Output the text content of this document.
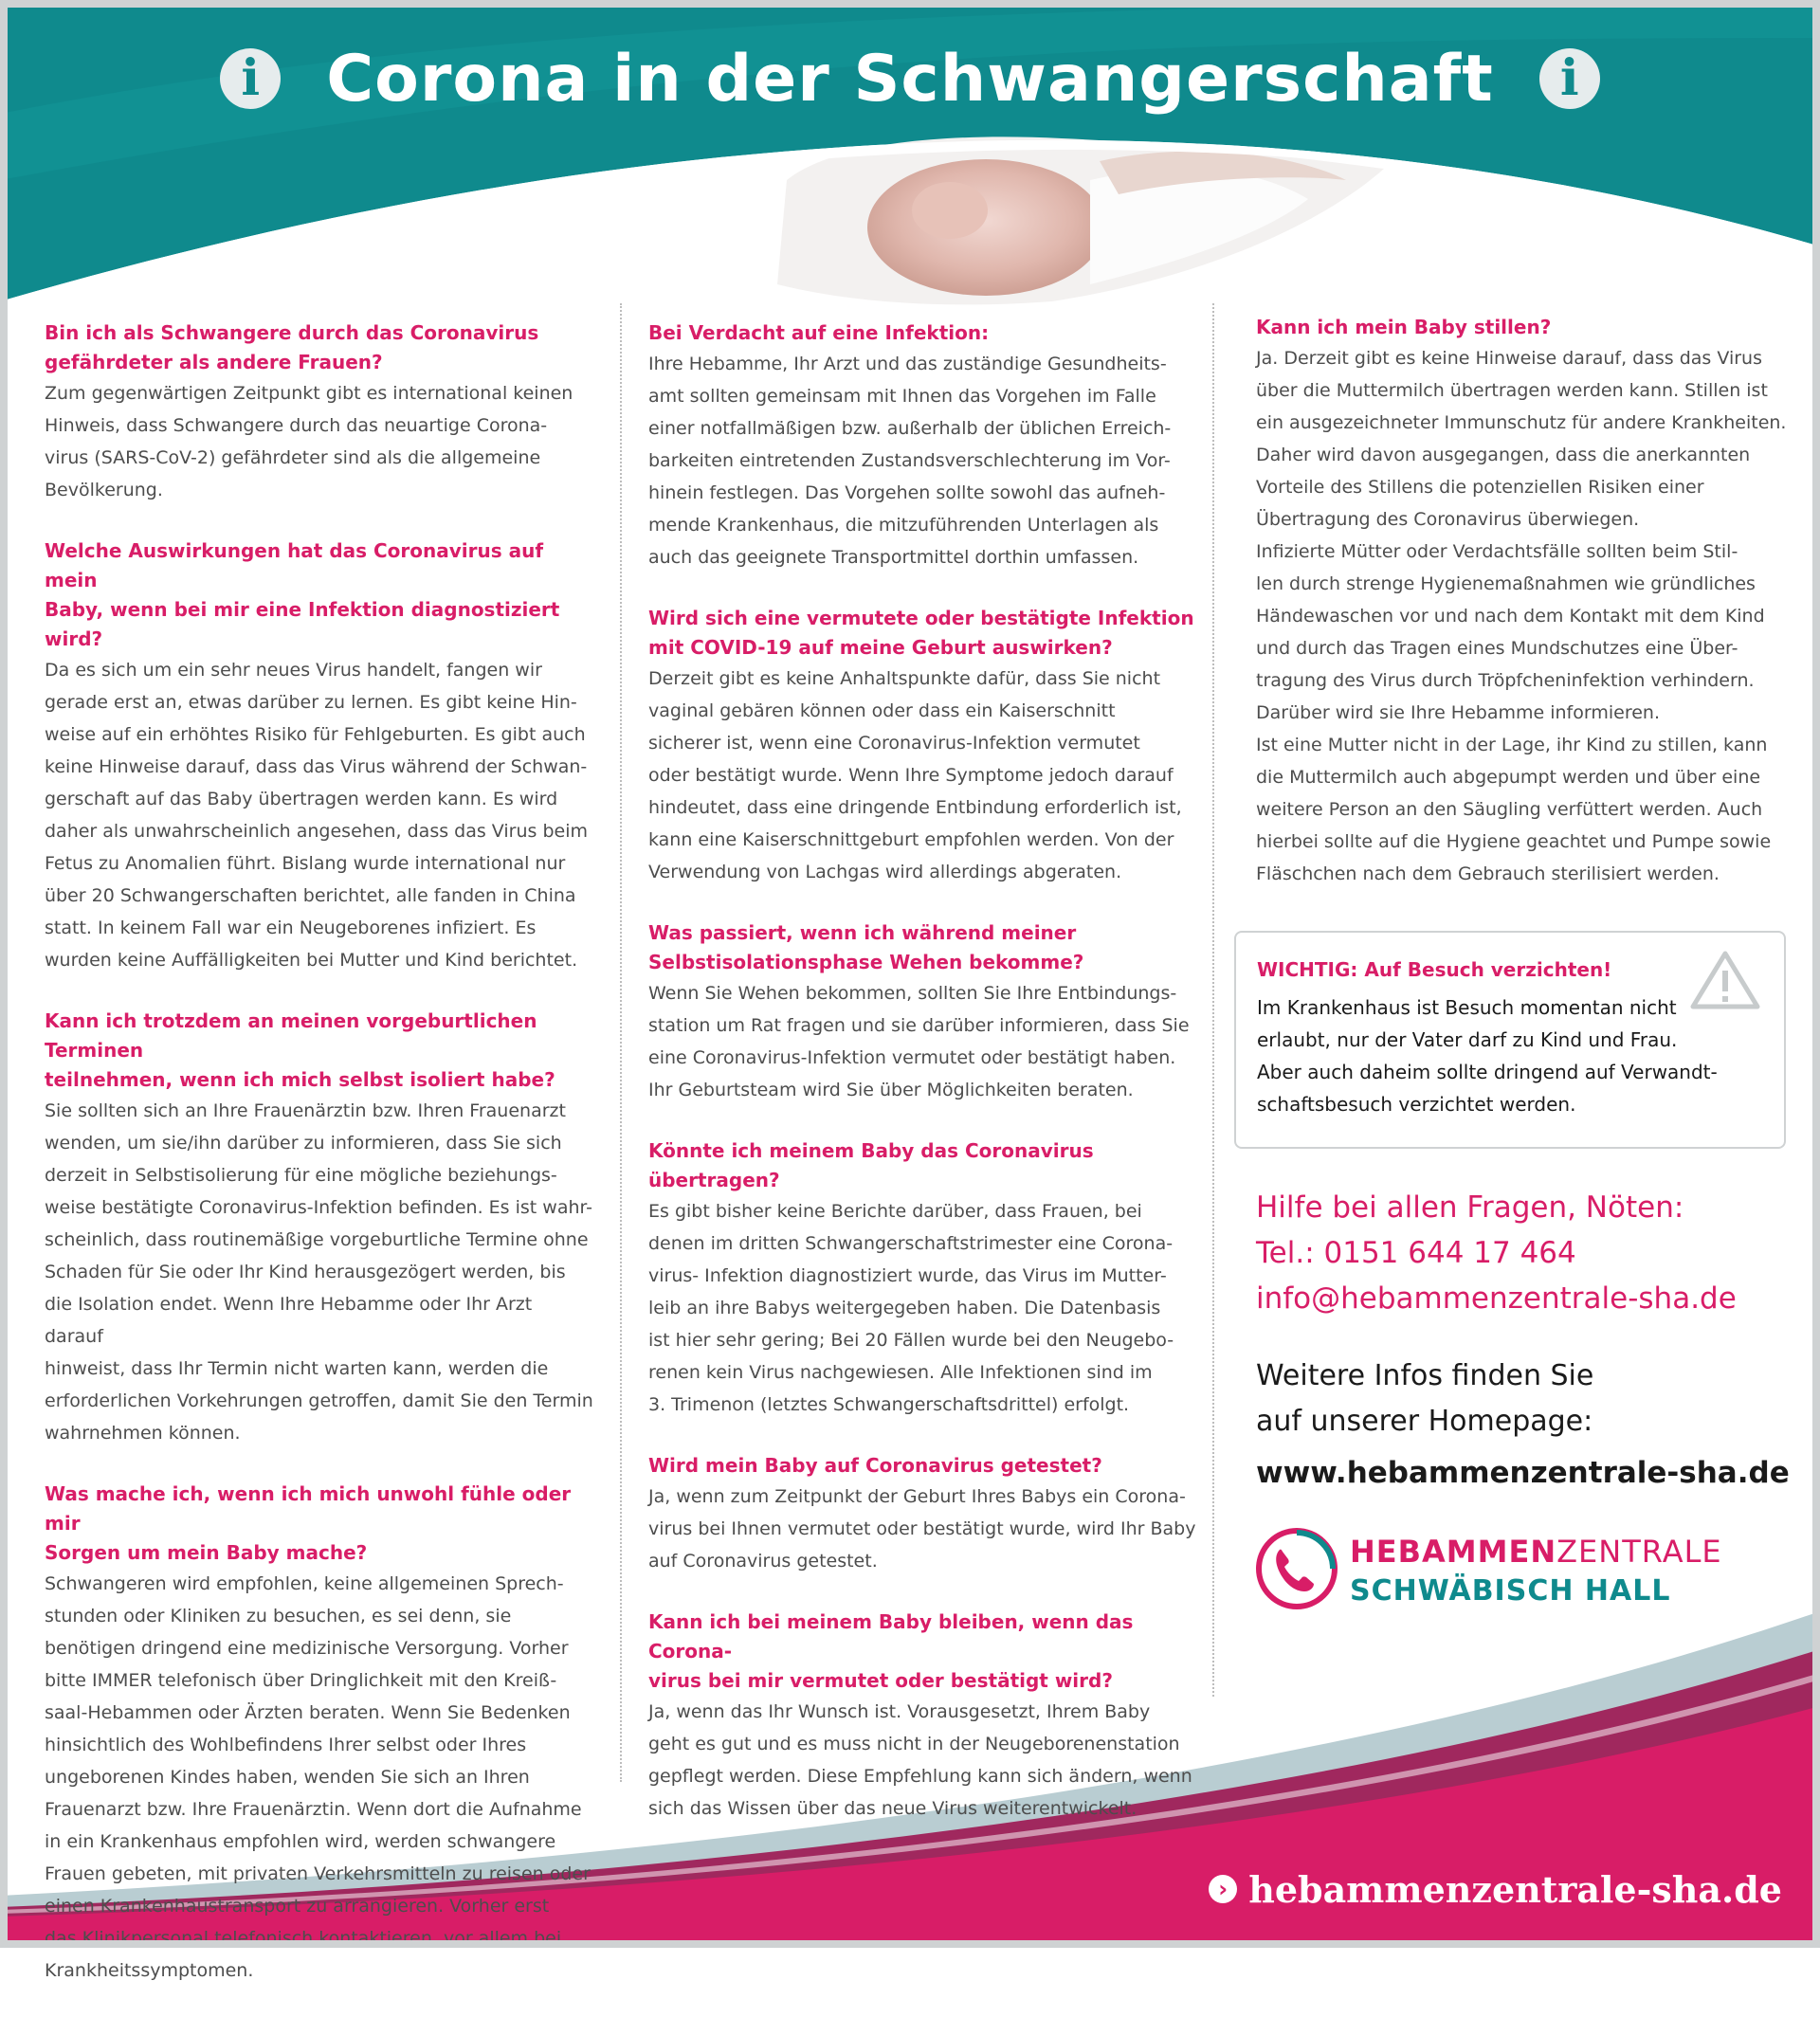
i	Corona in der Schwangerschaft	i

Bin ich als Schwangere durch das Coronavirus
gefährdeter als andere Frauen?

Zum gegenwärtigen Zeitpunkt gibt es international keinen
Hinweis, dass Schwangere durch das neuartige Corona-
virus (SARS-CoV-2) gefährdeter sind als die allgemeine
Bevölkerung.

Welche Auswirkungen hat das Coronavirus auf mein
Baby, wenn bei mir eine Infektion diagnostiziert wird?

Da es sich um ein sehr neues Virus handelt, fangen wir
gerade erst an, etwas darüber zu lernen. Es gibt keine Hin-
weise auf ein erhöhtes Risiko für Fehlgeburten. Es gibt auch
keine Hinweise darauf, dass das Virus während der Schwan-
gerschaft auf das Baby übertragen werden kann. Es wird
daher als unwahrscheinlich angesehen, dass das Virus beim
Fetus zu Anomalien führt. Bislang wurde international nur
über 20 Schwangerschaften berichtet, alle fanden in China
statt. In keinem Fall war ein Neugeborenes infiziert. Es
wurden keine Auffälligkeiten bei Mutter und Kind berichtet.

Kann ich trotzdem an meinen vorgeburtlichen Terminen
teilnehmen, wenn ich mich selbst isoliert habe?

Sie sollten sich an Ihre Frauenärztin bzw. Ihren Frauenarzt
wenden, um sie/ihn darüber zu informieren, dass Sie sich
derzeit in Selbstisolierung für eine mögliche beziehungs-
weise bestätigte Coronavirus-Infektion befinden. Es ist wahr-
scheinlich, dass routinemäßige vorgeburtliche Termine ohne
Schaden für Sie oder Ihr Kind herausgezögert werden, bis
die Isolation endet. Wenn Ihre Hebamme oder Ihr Arzt darauf
hinweist, dass Ihr Termin nicht warten kann, werden die
erforderlichen Vorkehrungen getroffen, damit Sie den Termin
wahrnehmen können.

Was mache ich, wenn ich mich unwohl fühle oder mir
Sorgen um mein Baby mache?

Schwangeren wird empfohlen, keine allgemeinen Sprech-
stunden oder Kliniken zu besuchen, es sei denn, sie
benötigen dringend eine medizinische Versorgung. Vorher
bitte IMMER telefonisch über Dringlichkeit mit den Kreiß-
saal-Hebammen oder Ärzten beraten. Wenn Sie Bedenken
hinsichtlich des Wohlbefindens Ihrer selbst oder Ihres
ungeborenen Kindes haben, wenden Sie sich an Ihren
Frauenarzt bzw. Ihre Frauenärztin. Wenn dort die Aufnahme
in ein Krankenhaus empfohlen wird, werden schwangere
Frauen gebeten, mit privaten Verkehrsmitteln zu reisen oder
einen Krankenhaustransport zu arrangieren. Vorher erst
das Klinikpersonal telefonisch kontaktieren, vor allem bei
Krankheitssymptomen.

Bei Verdacht auf eine Infektion:

Ihre Hebamme, Ihr Arzt und das zuständige Gesundheits-
amt sollten gemeinsam mit Ihnen das Vorgehen im Falle
einer notfallmäßigen bzw. außerhalb der üblichen Erreich-
barkeiten eintretenden Zustandsverschlechterung im Vor-
hinein festlegen. Das Vorgehen sollte sowohl das aufneh-
mende Krankenhaus, die mitzuführenden Unterlagen als
auch das geeignete Transportmittel dorthin umfassen.

Wird sich eine vermutete oder bestätigte Infektion
mit COVID-19 auf meine Geburt auswirken?

Derzeit gibt es keine Anhaltspunkte dafür, dass Sie nicht
vaginal gebären können oder dass ein Kaiserschnitt
sicherer ist, wenn eine Coronavirus-Infektion vermutet
oder bestätigt wurde. Wenn Ihre Symptome jedoch darauf
hindeutet, dass eine dringende Entbindung erforderlich ist,
kann eine Kaiserschnittgeburt empfohlen werden. Von der
Verwendung von Lachgas wird allerdings abgeraten.

Was passiert, wenn ich während meiner
Selbstisolationsphase Wehen bekomme?

Wenn Sie Wehen bekommen, sollten Sie Ihre Entbindungs-
station um Rat fragen und sie darüber informieren, dass Sie
eine Coronavirus-Infektion vermutet oder bestätigt haben.
Ihr Geburtsteam wird Sie über Möglichkeiten beraten.

Könnte ich meinem Baby das Coronavirus übertragen?

Es gibt bisher keine Berichte darüber, dass Frauen, bei
denen im dritten Schwangerschaftstrimester eine Corona-
virus- Infektion diagnostiziert wurde, das Virus im Mutter-
leib an ihre Babys weitergegeben haben. Die Datenbasis
ist hier sehr gering; Bei 20 Fällen wurde bei den Neugebo-
renen kein Virus nachgewiesen. Alle Infektionen sind im
3. Trimenon (letztes Schwangerschaftsdrittel) erfolgt.

Wird mein Baby auf Coronavirus getestet?

Ja, wenn zum Zeitpunkt der Geburt Ihres Babys ein Corona-
virus bei Ihnen vermutet oder bestätigt wurde, wird Ihr Baby
auf Coronavirus getestet.

Kann ich bei meinem Baby bleiben, wenn das Corona-
virus bei mir vermutet oder bestätigt wird?

Ja, wenn das Ihr Wunsch ist. Vorausgesetzt, Ihrem Baby
geht es gut und es muss nicht in der Neugeborenenstation
gepflegt werden. Diese Empfehlung kann sich ändern, wenn
sich das Wissen über das neue Virus weiterentwickelt.

Kann ich mein Baby stillen?

Ja. Derzeit gibt es keine Hinweise darauf, dass das Virus
über die Muttermilch übertragen werden kann. Stillen ist
ein ausgezeichneter Immunschutz für andere Krankheiten.
Daher wird davon ausgegangen, dass die anerkannten
Vorteile des Stillens die potenziellen Risiken einer
Übertragung des Coronavirus überwiegen.
Infizierte Mütter oder Verdachtsfälle sollten beim Stil-
len durch strenge Hygienemaßnahmen wie gründliches
Händewaschen vor und nach dem Kontakt mit dem Kind
und durch das Tragen eines Mundschutzes eine Über-
tragung des Virus durch Tröpfcheninfektion verhindern.
Darüber wird sie Ihre Hebamme informieren.
Ist eine Mutter nicht in der Lage, ihr Kind zu stillen, kann
die Muttermilch auch abgepumpt werden und über eine
weitere Person an den Säugling verfüttert werden. Auch
hierbei sollte auf die Hygiene geachtet und Pumpe sowie
Fläschchen nach dem Gebrauch sterilisiert werden.

WICHTIG: Auf Besuch verzichten!

Im Krankenhaus ist Besuch momentan nicht
erlaubt, nur der Vater darf zu Kind und Frau.
Aber auch daheim sollte dringend auf Verwandt-
schaftsbesuch verzichtet werden.

Hilfe bei allen Fragen, Nöten:

Tel.: 0151 644 17 464

info@hebammenzentrale-sha.de

Weitere Infos finden Sie

auf unserer Homepage:

www.hebammenzentrale-sha.de

HEBAMMENZENTRALE
SCHWÄBISCH HALL
› hebammenzentrale-sha.de
